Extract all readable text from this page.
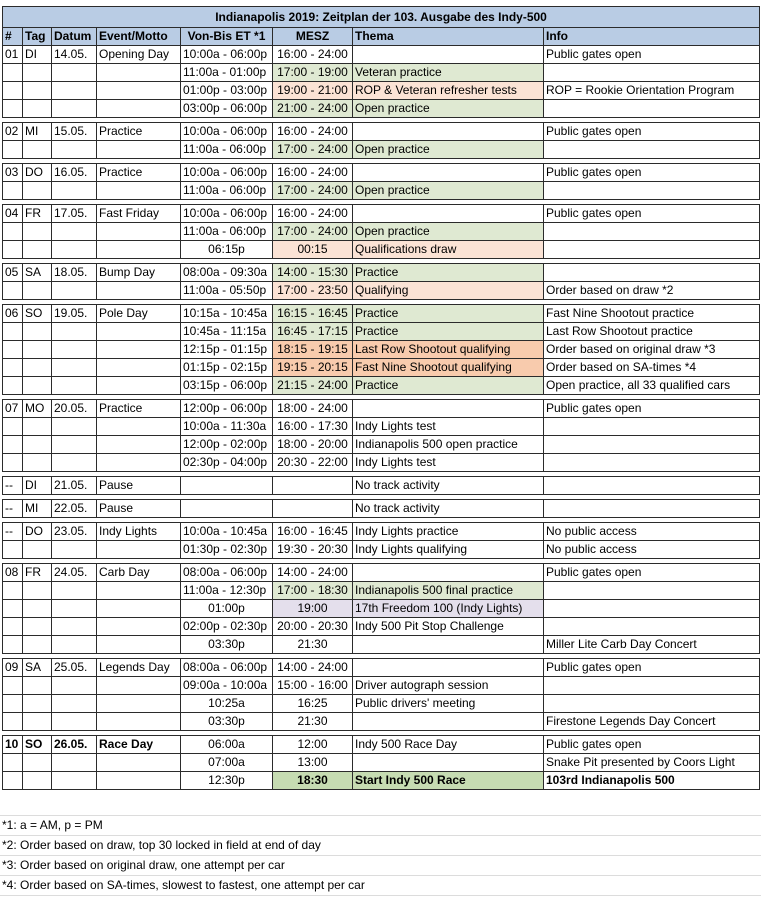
Indianapolis 2019: Zeitplan der 103. Ausgabe des Indy-500							
#	Tag	Datum	Event/Motto	Von-Bis ET *1	MESZ	Thema	Info
01	DI	14.05.	Opening Day	10:00a - 06:00p	16:00 - 24:00		Public gates open
				11:00a - 01:00p	17:00 - 19:00	Veteran practice	
				01:00p - 03:00p	19:00 - 21:00	ROP & Veteran refresher tests	ROP = Rookie Orientation Program
				03:00p - 06:00p	21:00 - 24:00	Open practice	

02	MI	15.05.	Practice	10:00a - 06:00p	16:00 - 24:00		Public gates open
				11:00a - 06:00p	17:00 - 24:00	Open practice	

03	DO	16.05.	Practice	10:00a - 06:00p	16:00 - 24:00		Public gates open
				11:00a - 06:00p	17:00 - 24:00	Open practice	

04	FR	17.05.	Fast Friday	10:00a - 06:00p	16:00 - 24:00		Public gates open
				11:00a - 06:00p	17:00 - 24:00	Open practice	
				06:15p	00:15	Qualifications draw	

05	SA	18.05.	Bump Day	08:00a - 09:30a	14:00 - 15:30	Practice	
				11:00a - 05:50p	17:00 - 23:50	Qualifying	Order based on draw *2

06	SO	19.05.	Pole Day	10:15a - 10:45a	16:15 - 16:45	Practice	Fast Nine Shootout practice
				10:45a - 11:15a	16:45 - 17:15	Practice	Last Row Shootout practice
				12:15p - 01:15p	18:15 - 19:15	Last Row Shootout qualifying	Order based on original draw *3
				01:15p - 02:15p	19:15 - 20:15	Fast Nine Shootout qualifying	Order based on SA-times *4
				03:15p - 06:00p	21:15 - 24:00	Practice	Open practice, all 33 qualified cars

07	MO	20.05.	Practice	12:00p - 06:00p	18:00 - 24:00		Public gates open
				10:00a - 11:30a	16:00 - 17:30	Indy Lights test	
				12:00p - 02:00p	18:00 - 20:00	Indianapolis 500 open practice	
				02:30p - 04:00p	20:30 - 22:00	Indy Lights test	

--	DI	21.05.	Pause			No track activity	

--	MI	22.05.	Pause			No track activity	

--	DO	23.05.	Indy Lights	10:00a - 10:45a	16:00 - 16:45	Indy Lights practice	No public access
				01:30p - 02:30p	19:30 - 20:30	Indy Lights qualifying	No public access

08	FR	24.05.	Carb Day	08:00a - 06:00p	14:00 - 24:00		Public gates open
				11:00a - 12:30p	17:00 - 18:30	Indianapolis 500 final practice	
				01:00p	19:00	17th Freedom 100 (Indy Lights)	
				02:00p - 02:30p	20:00 - 20:30	Indy 500 Pit Stop Challenge	
				03:30p	21:30		Miller Lite Carb Day Concert

09	SA	25.05.	Legends Day	08:00a - 06:00p	14:00 - 24:00		Public gates open
				09:00a - 10:00a	15:00 - 16:00	Driver autograph session	
				10:25a	16:25	Public drivers' meeting	
				03:30p	21:30		Firestone Legends Day Concert

10	SO	26.05.	Race Day	06:00a	12:00	Indy 500 Race Day	Public gates open
				07:00a	13:00		Snake Pit presented by Coors Light
				12:30p	18:30	Start Indy 500 Race	103rd Indianapolis 500
*1: a = AM, p = PM
*2: Order based on draw, top 30 locked in field at end of day
*3: Order based on original draw, one attempt per car
*4: Order based on SA-times, slowest to fastest, one attempt per car
